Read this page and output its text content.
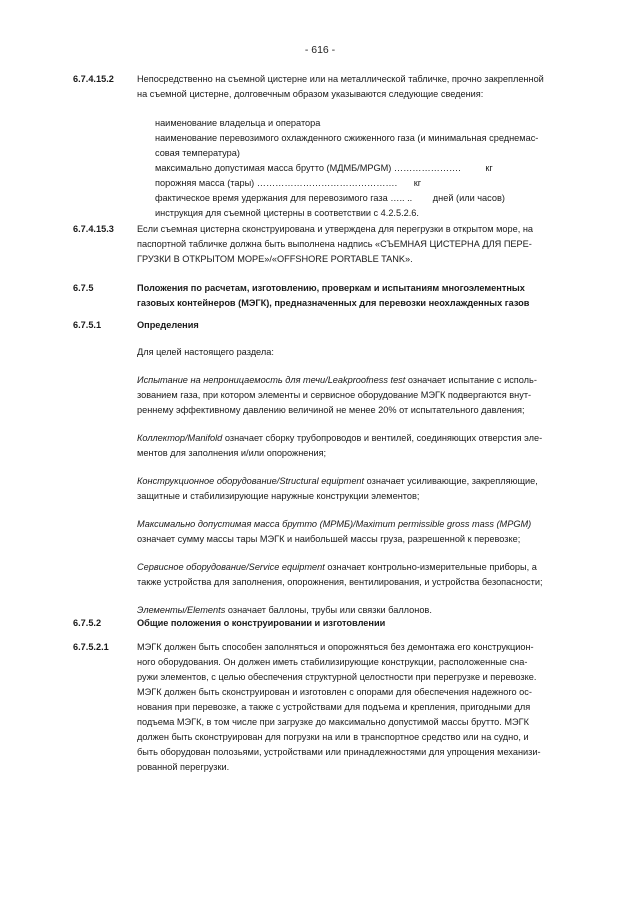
- 616 -
6.7.4.15.2	Непосредственно на съемной цистерне или на металлической табличке, прочно закрепленной

на съемной цистерне, долговечным образом указываются следующие сведения:

наименование владельца и оператора
наименование перевозимого охлажденного сжиженного газа (и минимальная среднемас-
совая температура)
максимально допустимая масса брутто (МДМБ/MPGM) ………………….	кг
порожняя масса (тары) ………………………………………. кг
фактическое время удержания для перевозимого газа ….. .. дней (или часов)
инструкция для съемной цистерны в соответствии с 4.2.5.2.6.
6.7.4.15.3	Если съемная цистерна сконструирована и утверждена для перегрузки в открытом море, на

паспортной табличке должна быть выполнена надпись «СЪЕМНАЯ ЦИСТЕРНА ДЛЯ ПЕРЕ-

ГРУЗКИ В ОТКРЫТОМ МОРЕ»/«OFFSHORE PORTABLE TANK».

6.7.5	Положения по расчетам, изготовлению, проверкам и испытаниям многоэлементных

газовых контейнеров (МЭГК), предназначенных для перевозки неохлажденных газов

6.7.5.1	Определения

Для целей настоящего раздела:

Испытание на непроницаемость для течи/Leakproofness test означает испытание с исполь-

зованием газа, при котором элементы и сервисное оборудование МЭГК подвергаются внут-

реннему эффективному давлению величиной не менее 20% от испытательного давления;

Коллектор/Manifold означает сборку трубопроводов и вентилей, соединяющих отверстия эле-

ментов для заполнения и/или опорожнения;

Конструкционное оборудование/Structural equipment означает усиливающие, закрепляющие,

защитные и стабилизирующие наружные конструкции элементов;

Максимально допустимая масса брутто (МРМБ)/Maximum permissible gross mass (MPGM)

означает сумму массы тары МЭГК и наибольшей массы груза, разрешенной к перевозке;

Сервисное оборудование/Service equipment означает контрольно-измерительные приборы, а

также устройства для заполнения, опорожнения, вентилирования, и устройства безопасности;

Элементы/Elements означает баллоны, трубы или связки баллонов.

6.7.5.2	Общие положения о конструировании и изготовлении
6.7.5.2.1	МЭГК должен быть способен заполняться и опорожняться без демонтажа его конструкцион-

ного оборудования. Он должен иметь стабилизирующие конструкции, расположенные сна-

ружи элементов, с целью обеспечения структурной целостности при перегрузке и перевозке.

МЭГК должен быть сконструирован и изготовлен с опорами для обеспечения надежного ос-

нования при перевозке, а также с устройствами для подъема и крепления, пригодными для

подъема МЭГК, в том числе при загрузке до максимально допустимой массы брутто. МЭГК

должен быть сконструирован для погрузки на или в транспортное средство или на судно, и

быть оборудован полозьями, устройствами или принадлежностями для упрощения механизи-

рованной перегрузки.
